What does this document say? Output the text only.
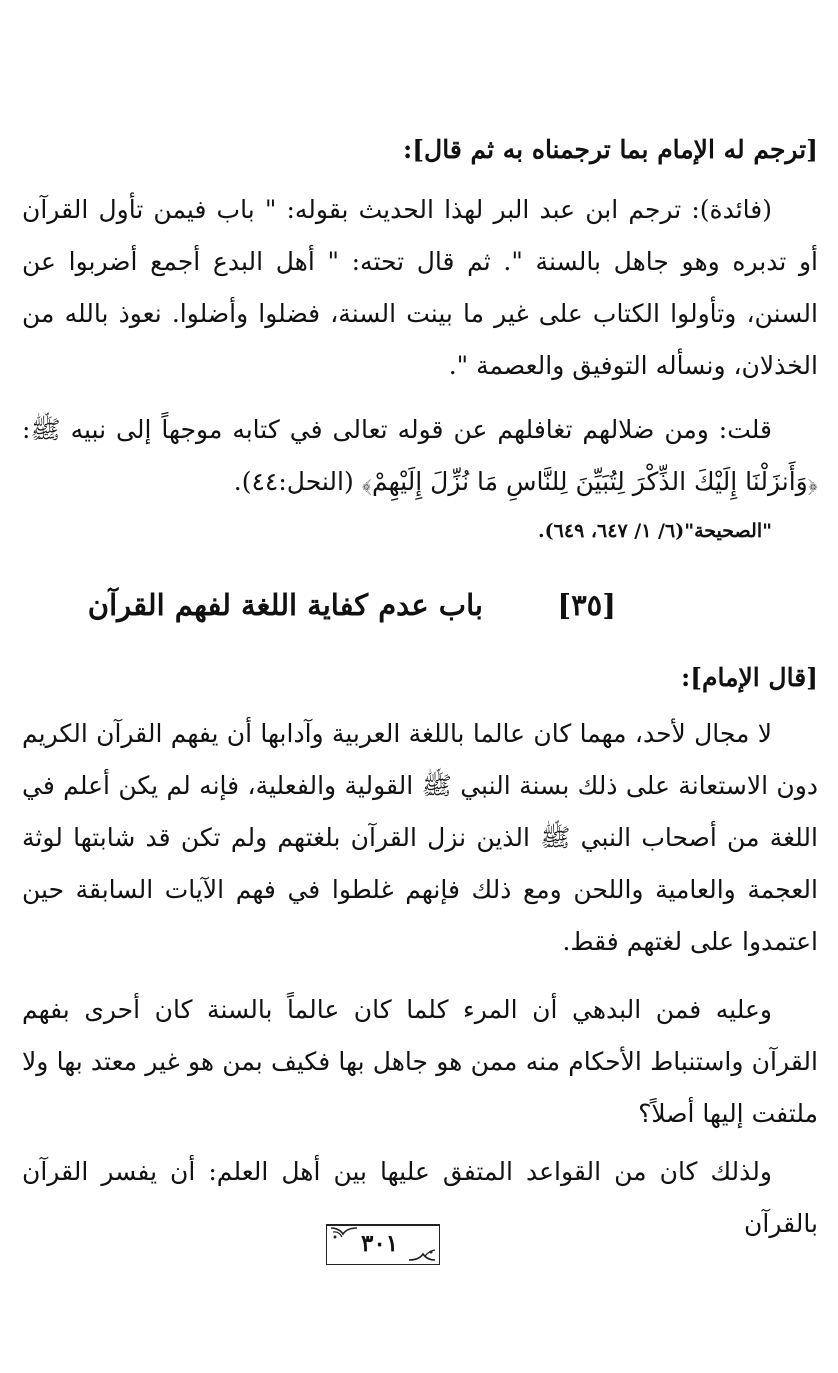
[ترجم له الإمام بما ترجمناه به ثم قال]:

(فائدة): ترجم ابن عبد البر لهذا الحديث بقوله: " باب فيمن تأول القرآن أو تدبره وهو جاهل بالسنة ". ثم قال تحته: " أهل البدع أجمع أضربوا عن السنن، وتأولوا الكتاب على غير ما بينت السنة، فضلوا وأضلوا. نعوذ بالله من الخذلان، ونسأله التوفيق والعصمة ".

قلت: ومن ضلالهم تغافلهم عن قوله تعالى في كتابه موجهاً إلى نبيه ﷺ: ﴿وَأَنزَلْنَا إِلَيْكَ الذِّكْرَ لِتُبَيِّنَ لِلنَّاسِ مَا نُزِّلَ إِلَيْهِمْ﴾ (النحل:٤٤).

"الصحيحة"(٦/ ١/ ٦٤٧، ٦٤٩).

[٣٥]
باب عدم كفاية اللغة لفهم القرآن

[قال الإمام]:

لا مجال لأحد، مهما كان عالما باللغة العربية وآدابها أن يفهم القرآن الكريم دون الاستعانة على ذلك بسنة النبي ﷺ القولية والفعلية، فإنه لم يكن أعلم في اللغة من أصحاب النبي ﷺ الذين نزل القرآن بلغتهم ولم تكن قد شابتها لوثة العجمة والعامية واللحن ومع ذلك فإنهم غلطوا في فهم الآيات السابقة حين اعتمدوا على لغتهم فقط.

وعليه فمن البدهي أن المرء كلما كان عالماً بالسنة كان أحرى بفهم القرآن واستنباط الأحكام منه ممن هو جاهل بها فكيف بمن هو غير معتد بها ولا ملتفت إليها أصلاً؟

ولذلك كان من القواعد المتفق عليها بين أهل العلم: أن يفسر القرآن بالقرآن

٣٠١
